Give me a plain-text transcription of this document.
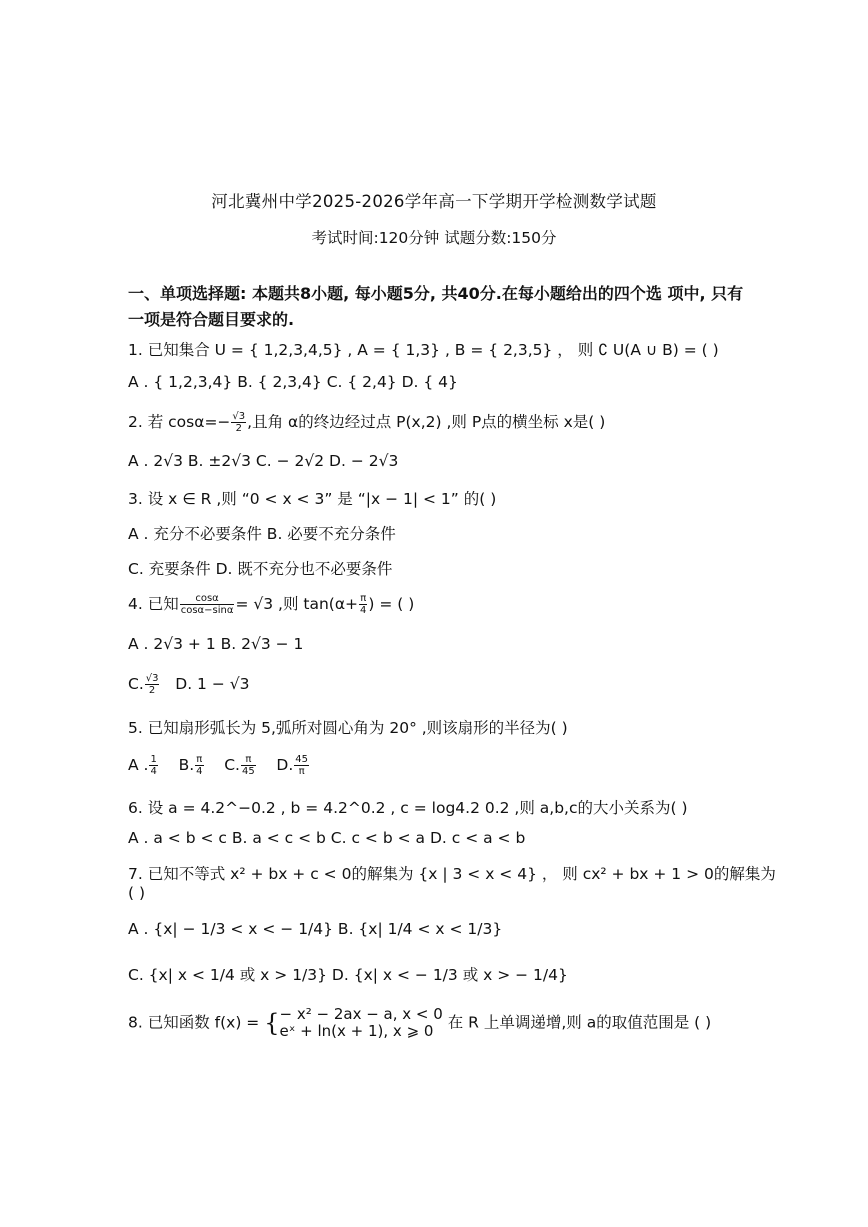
河北冀州中学2025-2026学年高一下学期开学检测数学试题
考试时间:120分钟 试题分数:150分
一、单项选择题: 本题共8小题, 每小题5分, 共40分.在每小题给出的四个选 项中, 只有一项是符合题目要求的.
1. 已知集合 U = { 1,2,3,4,5} , A = { 1,3} , B = { 2,3,5} ， 则 ∁ U(A ∪ B) = ( )
A . { 1,2,3,4} B. { 2,3,4} C. { 2,4} D. { 4}
2. 若 $\cos\alpha=- \frac{√3}{2}$ ,且角 α的终边经过点 P(x,2) ,则 P点的横坐标 x是( )
A . 2√3 B. ±2√3 C. − 2√2 D. − 2√3
3. 设 x ∈ R ,则 “0 < x < 3” 是 “|x − 1| < 1” 的( )
A . 充分不必要条件 B. 必要不充分条件
C. 充要条件 D. 既不充分也不必要条件
4. 已知 $\frac{\cos\alpha}{\cos\alpha-\sin\alpha} = √3$ ,则 $\tan(\alpha+ \frac{\pi}{4}$ ) = ( )
A . 2√3 + 1 B. 2√3 − 1
C. $\frac{√3}{2} D$. 1 − √3
5. 已知扇形弧长为 5,弧所对圆心角为 20° ,则该扇形的半径为( )
A . $\frac{1}{4} B$. $\frac{\pi}{4} C$. $\frac{\pi}{45} D$. $\frac{45}{\pi}$
6. 设 a = 4.2^−0.2 , b = 4.2^0.2 , c = log4.2 0.2 ,则 a,b,c的大小关系为( )
A . a < b < c B. a < c < b C. c < b < a D. c < a < b
7. 已知不等式 x² + bx + c < 0的解集为 {x | 3 < x < 4} ， 则 cx² + bx + 1 > 0的解集为
( )
A . {x| − 1/3 < x < − 1/4} B. {x| 1/4 < x < 1/3}
C. {x| x < 1/4 或 x > 1/3} D. {x| x < − 1/3 或 x > − 1/4}
8. 已知函数 f(x) = { − x² − 2ax − a, x < 0
eˣ + ln(x + 1), x ⩾ 0 在 R 上单调递增,则 a的取值范围是 ( )
